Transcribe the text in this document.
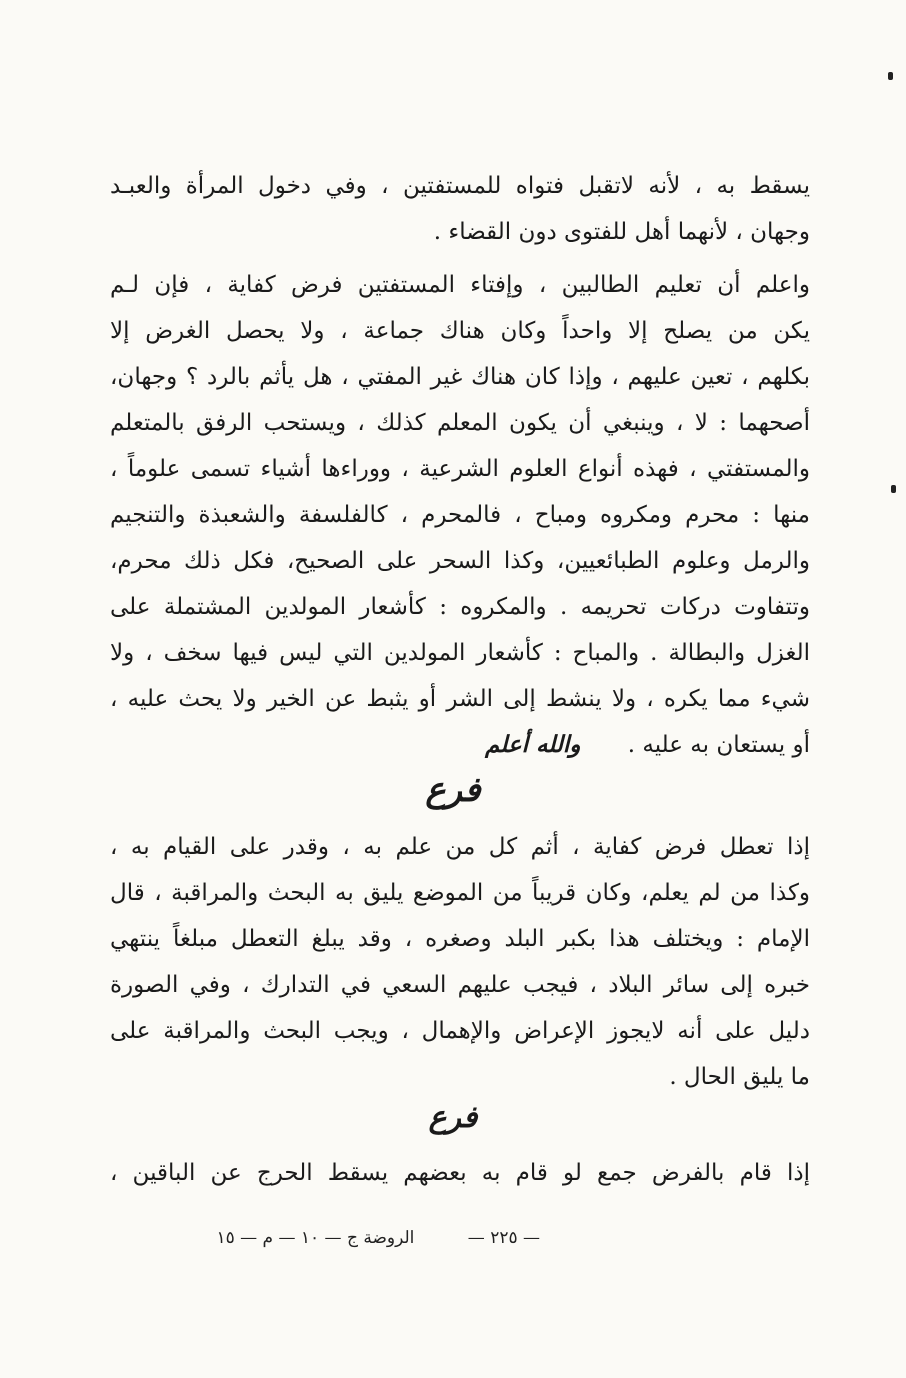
يسقط به ، لأنه لاتقبل فتواه للمستفتين ، وفي دخول المرأة والعبـد
وجهان ، لأنهما أهل للفتوى دون القضاء .
واعلم أن تعليم الطالبين ، وإفتاء المستفتين فرض كفاية ، فإن لـم
يكن من يصلح إلا واحداً وكان هناك جماعة ، ولا يحصل الغرض إلا
بكلهم ، تعين عليهم ، وإذا كان هناك غير المفتي ، هل يأثم بالرد ؟ وجهان،
أصحهما : لا ، وينبغي أن يكون المعلم كذلك ، ويستحب الرفق بالمتعلم
والمستفتي ، فهذه أنواع العلوم الشرعية ، ووراءها أشياء تسمى علوماً ،
منها : محرم ومكروه ومباح ، فالمحرم ، كالفلسفة والشعبذة والتنجيم
والرمل وعلوم الطبائعيين، وكذا السحر على الصحيح، فكل ذلك محرم،
وتتفاوت دركات تحريمه . والمكروه : كأشعار المولدين المشتملة على
الغزل والبطالة . والمباح : كأشعار المولدين التي ليس فيها سخف ، ولا
شيء مما يكره ، ولا ينشط إلى الشر أو يثبط عن الخير ولا يحث عليه ،
أو يستعان به عليه . والله أعلم
فرع
إذا تعطل فرض كفاية ، أثم كل من علم به ، وقدر على القيام به ،
وكذا من لم يعلم، وكان قريباً من الموضع يليق به البحث والمراقبة ، قال
الإمام : ويختلف هذا بكبر البلد وصغره ، وقد يبلغ التعطل مبلغاً ينتهي
خبره إلى سائر البلاد ، فيجب عليهم السعي في التدارك ، وفي الصورة
دليل على أنه لايجوز الإعراض والإهمال ، ويجب البحث والمراقبة على
ما يليق الحال .
فرع
إذا قام بالفرض جمع لو قام به بعضهم يسقط الحرج عن الباقين ،
— ٢٢٥ — الروضة ج — ١٠ — م — ١٥
